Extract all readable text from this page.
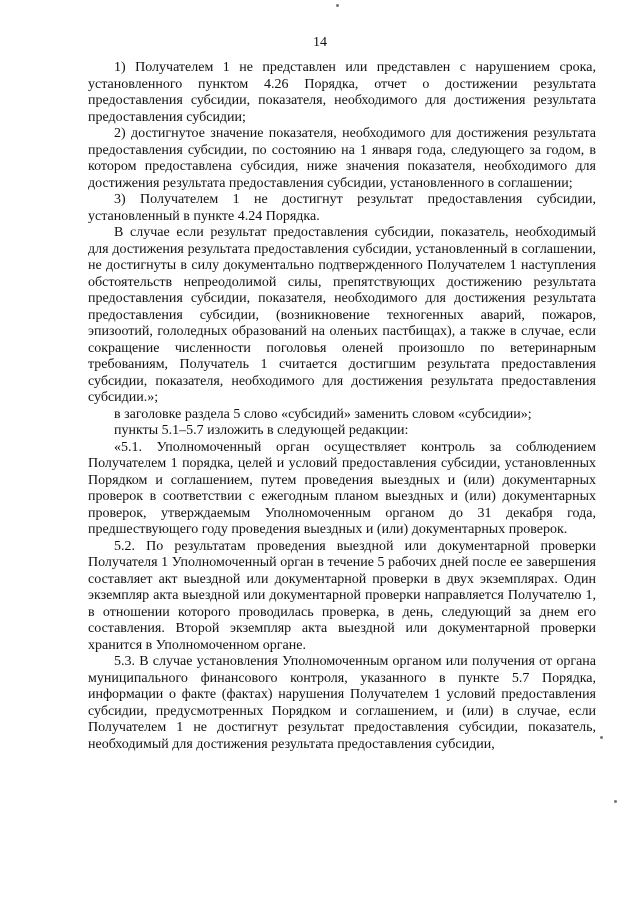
14

1) Получателем 1 не представлен или представлен с нарушением срока, установленного пунктом 4.26 Порядка, отчет о достижении результата предоставления субсидии, показателя, необходимого для достижения результата предоставления субсидии;

2) достигнутое значение показателя, необходимого для достижения результата предоставления субсидии, по состоянию на 1 января года, следующего за годом, в котором предоставлена субсидия, ниже значения показателя, необходимого для достижения результата предоставления субсидии, установленного в соглашении;

3) Получателем 1 не достигнут результат предоставления субсидии, установленный в пункте 4.24 Порядка.

В случае если результат предоставления субсидии, показатель, необходимый для достижения результата предоставления субсидии, установленный в соглашении, не достигнуты в силу документально подтвержденного Получателем 1 наступления обстоятельств непреодолимой силы, препятствующих достижению результата предоставления субсидии, показателя, необходимого для достижения результата предоставления субсидии, (возникновение техногенных аварий, пожаров, эпизоотий, гололедных образований на оленьих пастбищах), а также в случае, если сокращение численности поголовья оленей произошло по ветеринарным требованиям, Получатель 1 считается достигшим результата предоставления субсидии, показателя, необходимого для достижения результата предоставления субсидии.»;

в заголовке раздела 5 слово «субсидий» заменить словом «субсидии»;

пункты 5.1–5.7 изложить в следующей редакции:

«5.1. Уполномоченный орган осуществляет контроль за соблюдением Получателем 1 порядка, целей и условий предоставления субсидии, установленных Порядком и соглашением, путем проведения выездных и (или) документарных проверок в соответствии с ежегодным планом выездных и (или) документарных проверок, утверждаемым Уполномоченным органом до 31 декабря года, предшествующего году проведения выездных и (или) документарных проверок.

5.2. По результатам проведения выездной или документарной проверки Получателя 1 Уполномоченный орган в течение 5 рабочих дней после ее завершения составляет акт выездной или документарной проверки в двух экземплярах. Один экземпляр акта выездной или документарной проверки направляется Получателю 1, в отношении которого проводилась проверка, в день, следующий за днем его составления. Второй экземпляр акта выездной или документарной проверки хранится в Уполномоченном органе.

5.3. В случае установления Уполномоченным органом или получения от органа муниципального финансового контроля, указанного в пункте 5.7 Порядка, информации о факте (фактах) нарушения Получателем 1 условий предоставления субсидии, предусмотренных Порядком и соглашением, и (или) в случае, если Получателем 1 не достигнут результат предоставления субсидии, показатель, необходимый для достижения результата предоставления субсидии,
